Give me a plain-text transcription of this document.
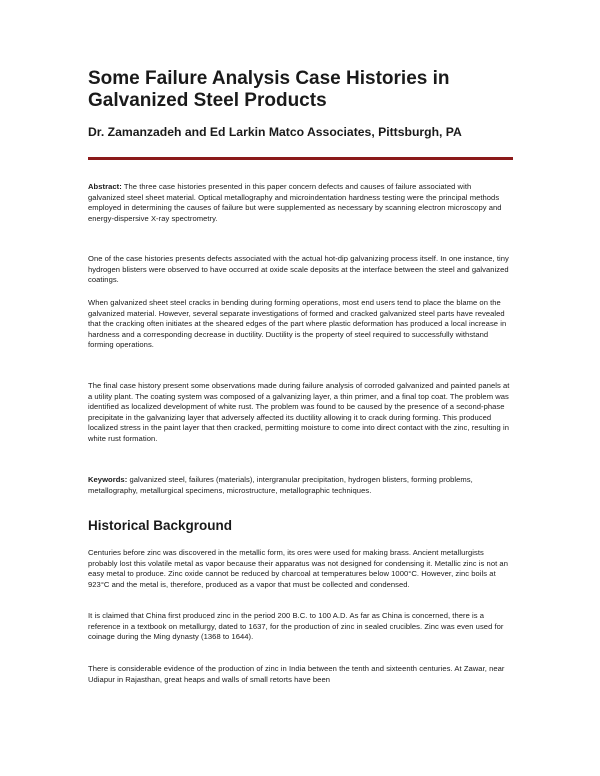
Some Failure Analysis Case Histories in Galvanized Steel Products

Dr. Zamanzadeh and Ed Larkin Matco Associates, Pittsburgh, PA

Abstract: The three case histories presented in this paper concern defects and causes of failure associated with galvanized steel sheet material. Optical metallography and microindentation hardness testing were the principal methods employed in determining the causes of failure but were supplemented as necessary by scanning electron microscopy and energy-dispersive X-ray spectrometry.

One of the case histories presents defects associated with the actual hot-dip galvanizing process itself. In one instance, tiny hydrogen blisters were observed to have occurred at oxide scale deposits at the interface between the steel and galvanized coatings.

When galvanized sheet steel cracks in bending during forming operations, most end users tend to place the blame on the galvanized material. However, several separate investigations of formed and cracked galvanized steel parts have revealed that the cracking often initiates at the sheared edges of the part where plastic deformation has produced a local increase in hardness and a corresponding decrease in ductility. Ductility is the property of steel required to successfully withstand forming operations.

The final case history present some observations made during failure analysis of corroded galvanized and painted panels at a utility plant. The coating system was composed of a galvanizing layer, a thin primer, and a final top coat. The problem was identified as localized development of white rust. The problem was found to be caused by the presence of a second-phase precipitate in the galvanizing layer that adversely affected its ductility allowing it to crack during forming. This produced localized stress in the paint layer that then cracked, permitting moisture to come into direct contact with the zinc, resulting in white rust formation.

Keywords: galvanized steel, failures (materials), intergranular precipitation, hydrogen blisters, forming problems, metallography, metallurgical specimens, microstructure, metallographic techniques.

Historical Background

Centuries before zinc was discovered in the metallic form, its ores were used for making brass. Ancient metallurgists probably lost this volatile metal as vapor because their apparatus was not designed for condensing it. Metallic zinc is not an easy metal to produce. Zinc oxide cannot be reduced by charcoal at temperatures below 1000°C. However, zinc boils at 923°C and the metal is, therefore, produced as a vapor that must be collected and condensed.

It is claimed that China first produced zinc in the period 200 B.C. to 100 A.D. As far as China is concerned, there is a reference in a textbook on metallurgy, dated to 1637, for the production of zinc in sealed crucibles. Zinc was even used for coinage during the Ming dynasty (1368 to 1644).

There is considerable evidence of the production of zinc in India between the tenth and sixteenth centuries. At Zawar, near Udiapur in Rajasthan, great heaps and walls of small retorts have been
